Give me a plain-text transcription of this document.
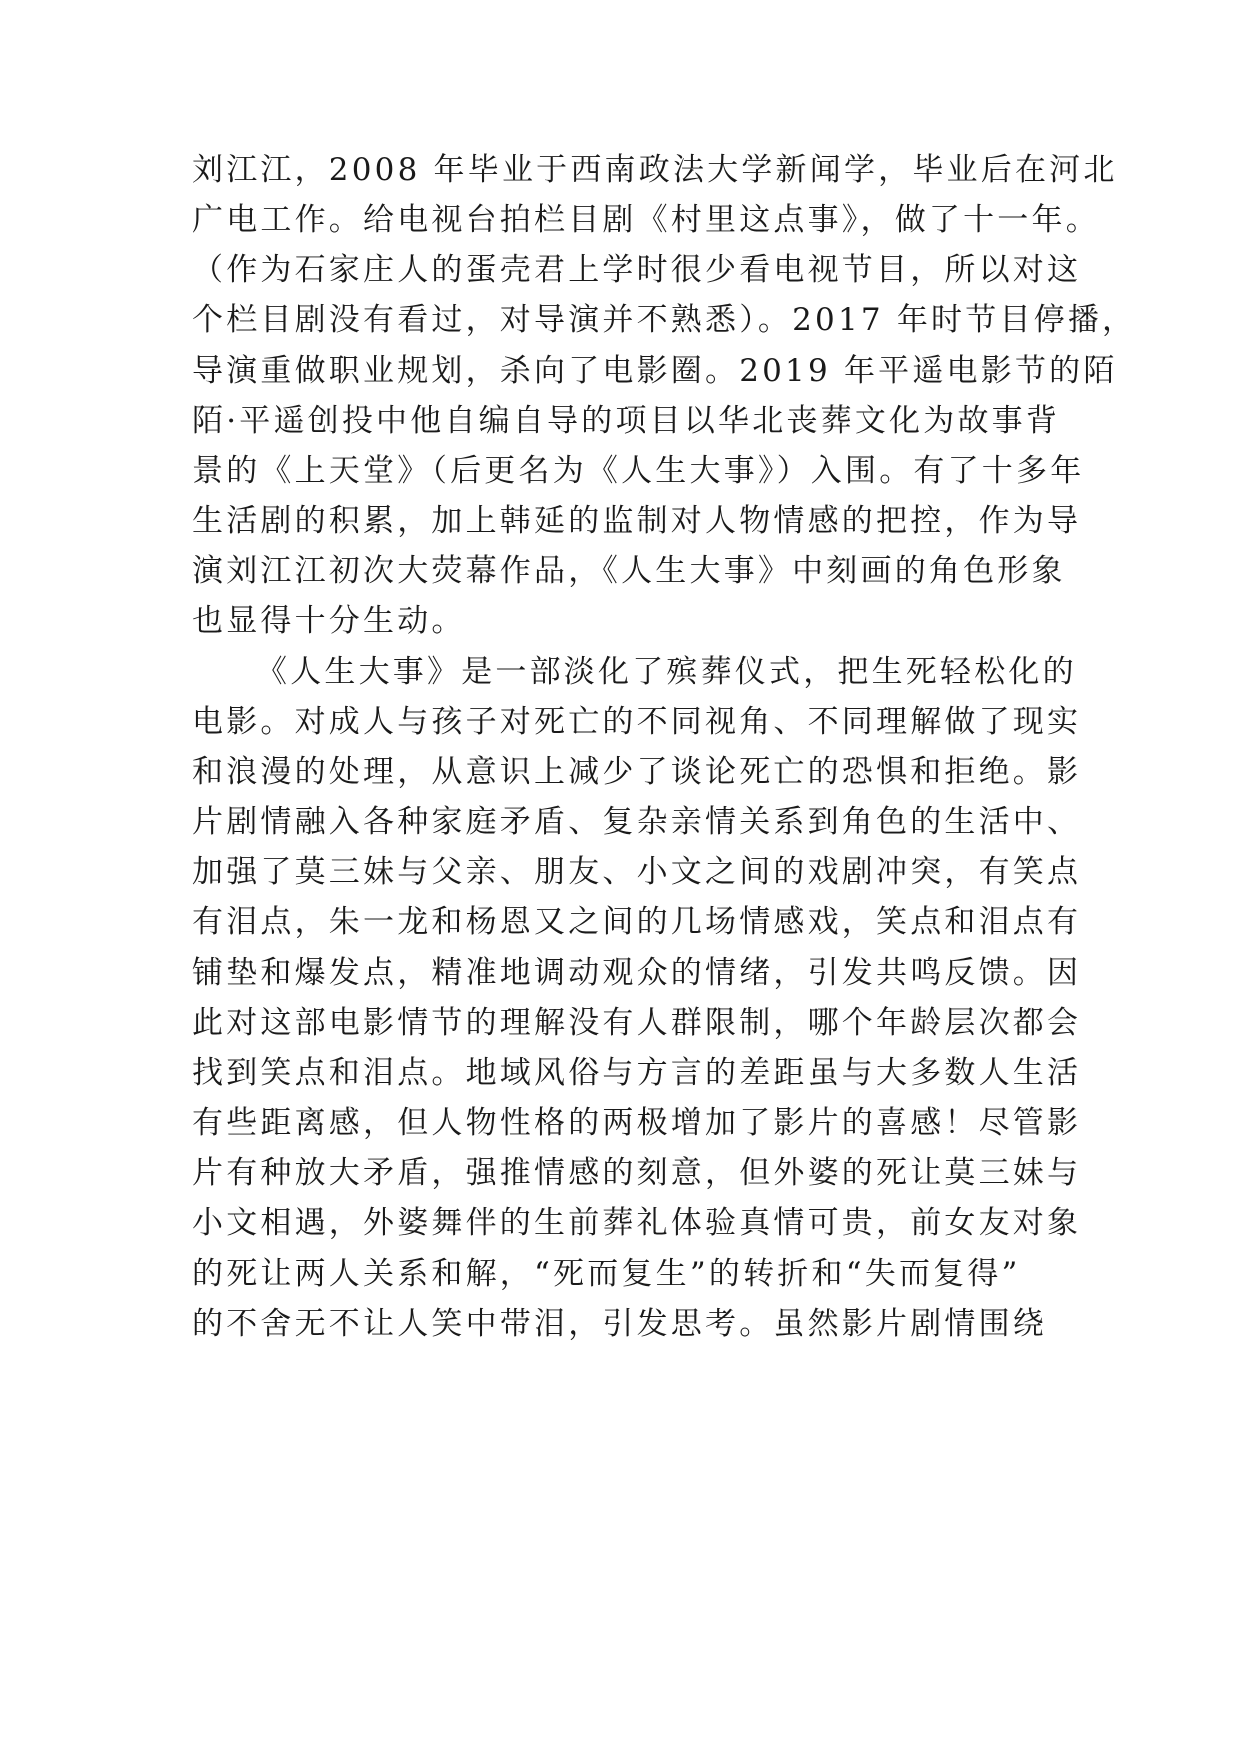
刘江江，2008 年毕业于西南政法大学新闻学，毕业后在河北
广电工作。给电视台拍栏目剧《村里这点事》，做了十一年。
（作为石家庄人的蛋壳君上学时很少看电视节目，所以对这
个栏目剧没有看过，对导演并不熟悉）。2017 年时节目停播，
导演重做职业规划，杀向了电影圈。2019 年平遥电影节的陌
陌·平遥创投中他自编自导的项目以华北丧葬文化为故事背
景的《上天堂》（后更名为《人生大事》）入围。有了十多年
生活剧的积累，加上韩延的监制对人物情感的把控，作为导
演刘江江初次大荧幕作品，《人生大事》中刻画的角色形象
也显得十分生动。
《人生大事》是一部淡化了殡葬仪式，把生死轻松化的
电影。对成人与孩子对死亡的不同视角、不同理解做了现实
和浪漫的处理，从意识上减少了谈论死亡的恐惧和拒绝。影
片剧情融入各种家庭矛盾、复杂亲情关系到角色的生活中、
加强了莫三妹与父亲、朋友、小文之间的戏剧冲突，有笑点
有泪点，朱一龙和杨恩又之间的几场情感戏，笑点和泪点有
铺垫和爆发点，精准地调动观众的情绪，引发共鸣反馈。因
此对这部电影情节的理解没有人群限制，哪个年龄层次都会
找到笑点和泪点。地域风俗与方言的差距虽与大多数人生活
有些距离感，但人物性格的两极增加了影片的喜感！尽管影
片有种放大矛盾，强推情感的刻意，但外婆的死让莫三妹与
小文相遇，外婆舞伴的生前葬礼体验真情可贵，前女友对象
的死让两人关系和解，“死而复生”的转折和“失而复得”
的不舍无不让人笑中带泪，引发思考。虽然影片剧情围绕
